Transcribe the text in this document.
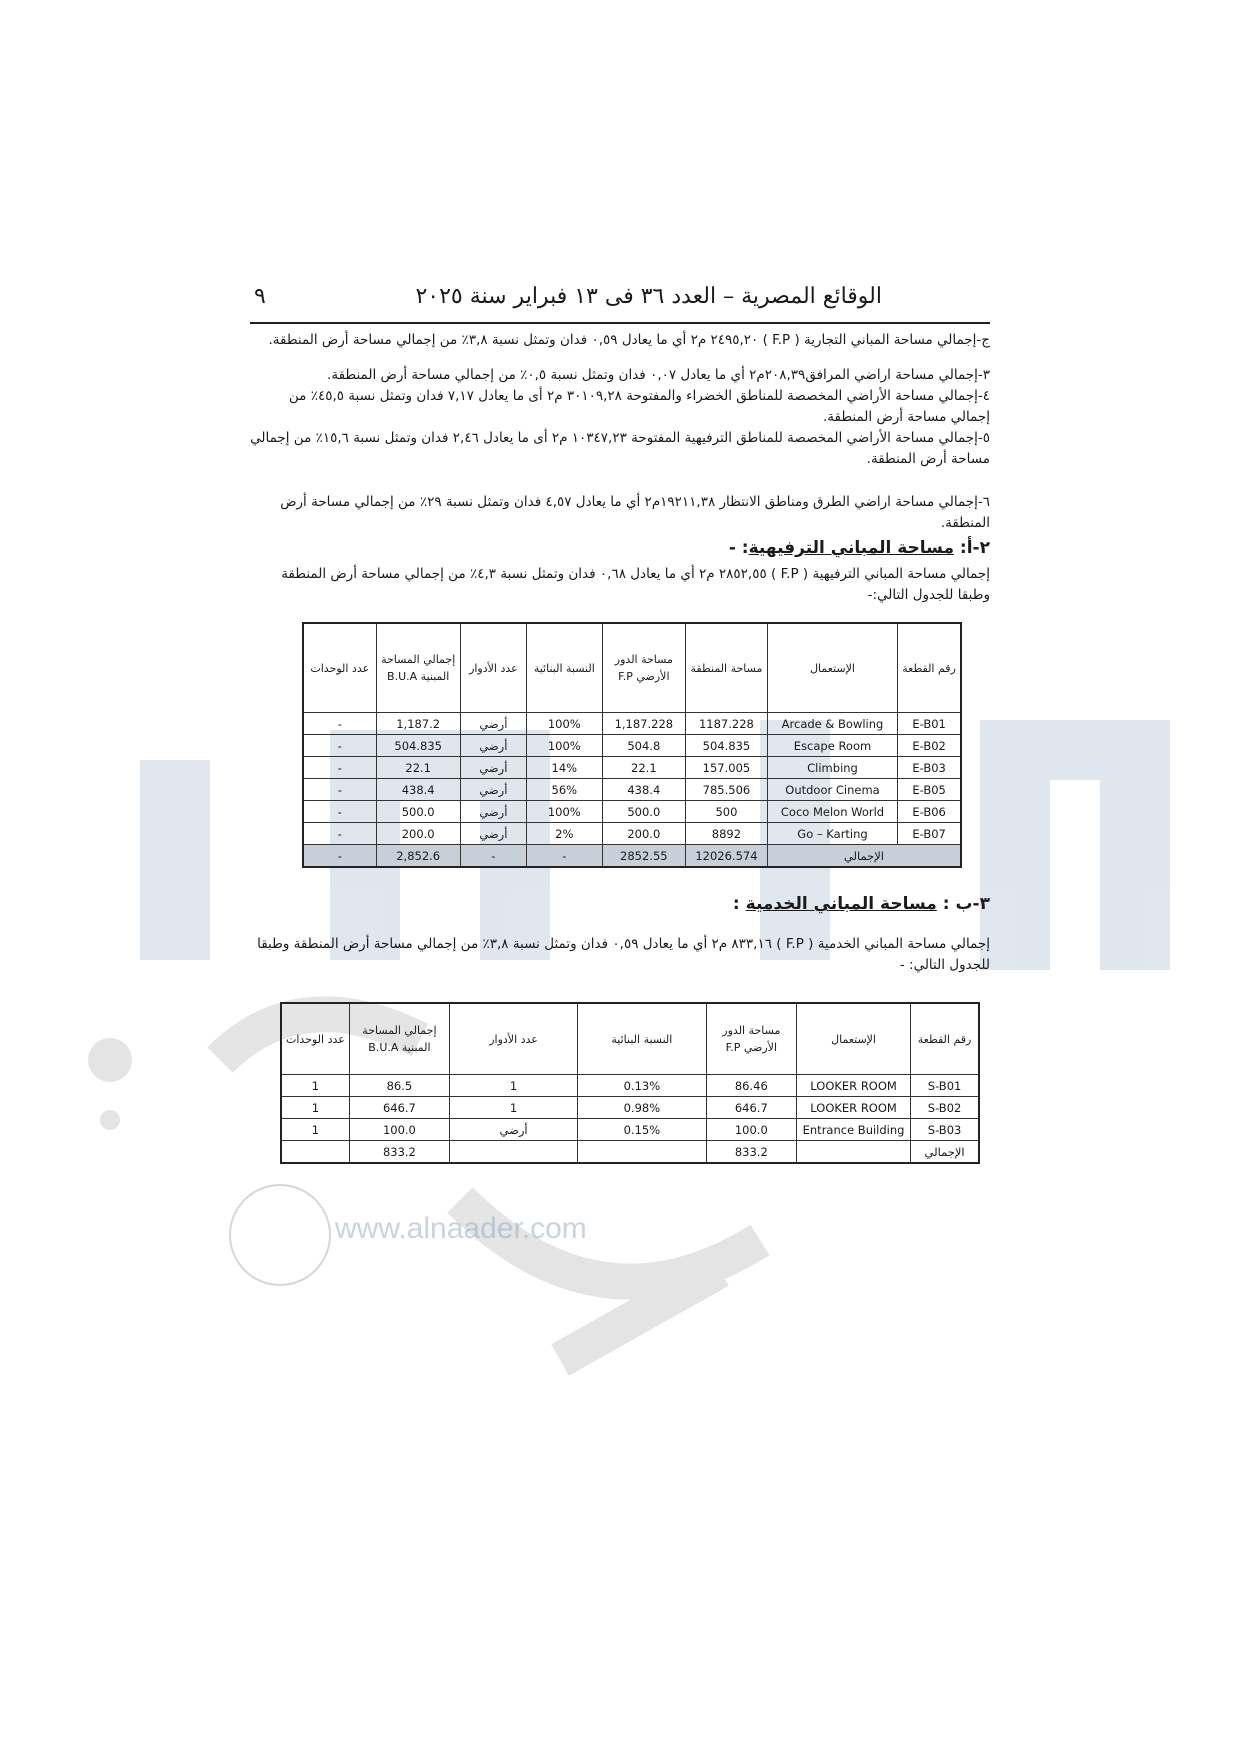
www.alnaader.com
الوقائع المصرية – العدد ٣٦ فى ١٣ فبراير سنة ٢٠٢٥
٩

ج-إجمالي مساحة المباني التجارية ( F.P ) ٢٤٩٥,٢٠ م٢ أي ما يعادل ٠,٥٩ فدان وتمثل نسبة ٣,٨٪ من إجمالي مساحة أرض المنطقة.

٣-إجمالي مساحة اراضي المرافق٢٠٨,٣٩م٢ أي ما يعادل ٠,٠٧ فدان وتمثل نسبة ٠,٥٪ من إجمالي مساحة أرض المنطقة.

٤-إجمالي مساحة الأراضي المخصصة للمناطق الخضراء والمفتوحة ٣٠١٠٩,٢٨ م٢ أى ما يعادل ٧,١٧ فدان وتمثل نسبة ٤٥,٥٪ من إجمالي مساحة أرض المنطقة.

٥-إجمالي مساحة الأراضي المخصصة للمناطق الترفيهية المفتوحة ١٠٣٤٧,٢٣ م٢ أى ما يعادل ٢,٤٦ فدان وتمثل نسبة ١٥,٦٪ من إجمالي مساحة أرض المنطقة.

٦-إجمالي مساحة اراضي الطرق ومناطق الانتظار ١٩٢١١,٣٨م٢ أي ما يعادل ٤,٥٧ فدان وتمثل نسبة ٢٩٪ من إجمالي مساحة أرض المنطقة.

٢-أ: مساحة المباني الترفيهية: -

إجمالي مساحة المباني الترفيهية ( F.P ) ٢٨٥٢,٥٥ م٢ أي ما يعادل ٠,٦٨ فدان وتمثل نسبة ٤,٣٪ من إجمالي مساحة أرض المنطقة وطبقا للجدول التالي:-

رقم القطعة	الإستعمال	مساحة المنطقة	مساحة الدور الأرضي F.P	النسبة البنائية	عدد الأدوار	إجمالي المساحة المبنية B.U.A	عدد الوحدات
E-B01	Arcade & Bowling	1187.228	1,187.228	100%	أرضي	1,187.2	-
E-B02	Escape Room	504.835	504.8	100%	أرضي	504.835	-
E-B03	Climbing	157.005	22.1	14%	أرضي	22.1	-
E-B05	Outdoor Cinema	785.506	438.4	56%	أرضي	438.4	-
E-B06	Coco Melon World	500	500.0	100%	أرضي	500.0	-
E-B07	Go – Karting	8892	200.0	2%	أرضي	200.0	-
الإجمالي		12026.574	2852.55	-	-	2,852.6	-
٣-ب : مساحة المباني الخدمية :

إجمالي مساحة المباني الخدمية ( F.P ) ٨٣٣,١٦ م٢ أي ما يعادل ٠,٥٩ فدان وتمثل نسبة ٣,٨٪ من إجمالي مساحة أرض المنطقة وطبقا للجدول التالي: -

رقم القطعة	الإستعمال	مساحة الدور الأرضي F.P	النسبة البنائية	عدد الأدوار	إجمالي المساحة المبنية B.U.A	عدد الوحدات
S-B01	LOOKER ROOM	86.46	0.13%	1	86.5	1
S-B02	LOOKER ROOM	646.7	0.98%	1	646.7	1
S-B03	Entrance Building	100.0	0.15%	أرضي	100.0	1
الإجمالي		833.2			833.2	
